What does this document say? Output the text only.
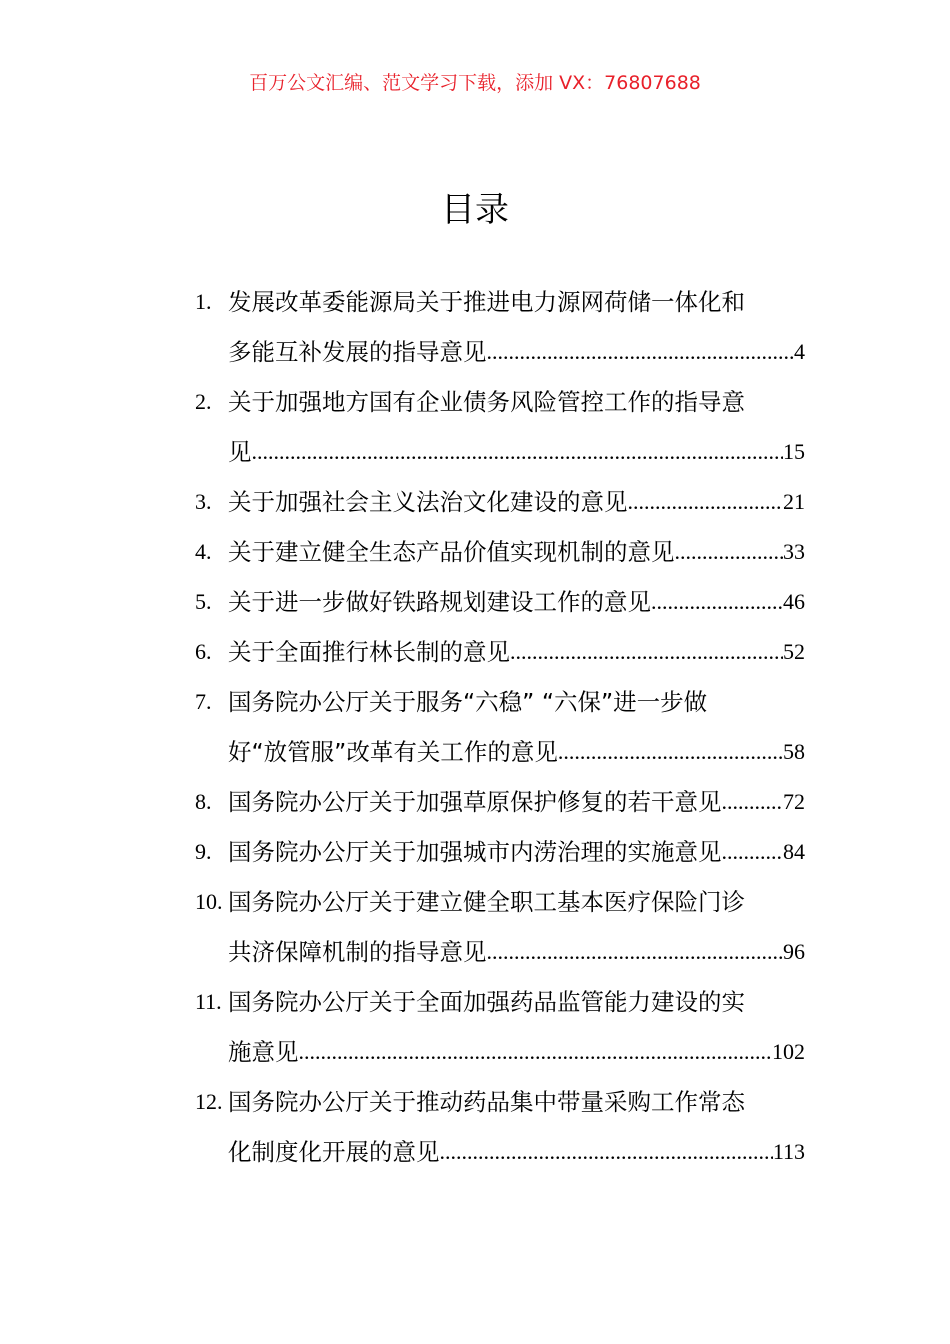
百万公文汇编、范文学习下载，添加 VX：76807688
目录
1. 发展改革委能源局关于推进电力源网荷储一体化和
多能互补发展的指导意见 .....	4
2. 关于加强地方国有企业债务风险管控工作的指导意
见 .....	15
3. 关于加强社会主义法治文化建设的意见 .....	21
4. 关于建立健全生态产品价值实现机制的意见 .....	33
5. 关于进一步做好铁路规划建设工作的意见 .....	46
6. 关于全面推行林长制的意见 .....	52
7. 国务院办公厅关于服务“六稳” “六保”进一步做
好“放管服”改革有关工作的意见 .....	58
8. 国务院办公厅关于加强草原保护修复的若干意见 .....	72
9. 国务院办公厅关于加强城市内涝治理的实施意见 .....	84
10. 国务院办公厅关于建立健全职工基本医疗保险门诊
共济保障机制的指导意见 .....	96
11. 国务院办公厅关于全面加强药品监管能力建设的实
施意见 .....	102
12. 国务院办公厅关于推动药品集中带量采购工作常态
化制度化开展的意见 .....	113
